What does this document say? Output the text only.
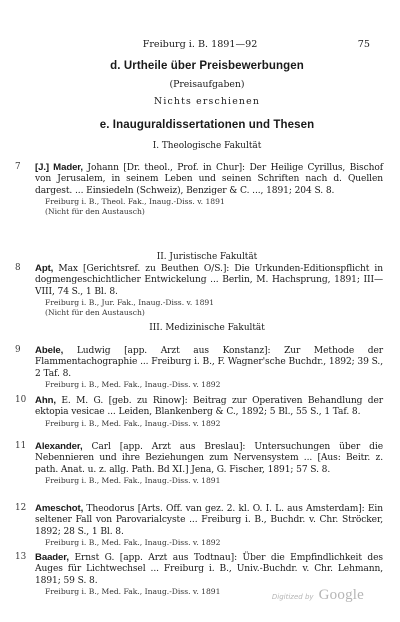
Freiburg i. B. 1891—92	75
d. Urtheile über Preisbewerbungen
(Preisaufgaben)
Nichts erschienen
e. Inauguraldissertationen und Thesen
I. Theologische Fakultät
7	[J.] Mader, Johann [Dr. theol., Prof. in Chur]: Der Heilige Cyrillus, Bischof von Jerusalem, in seinem Leben und seinen Schriften nach d. Quellen dargest. ... Einsiedeln (Schweiz), Benziger & C. ..., 1891; 204 S. 8.
Freiburg i. B., Theol. Fak., Inaug.-Diss. v. 1891
(Nicht für den Austausch)
II. Juristische Fakultät
8	Apt, Max [Gerichtsref. zu Beuthen O/S.]: Die Urkunden-Editionspflicht in dogmengeschichtlicher Entwickelung ... Berlin, M. Hachsprung, 1891; III—VIII, 74 S., 1 Bl. 8.
Freiburg i. B., Jur. Fak., Inaug.-Diss. v. 1891
(Nicht für den Austausch)
III. Medizinische Fakultät
9	Abele, Ludwig [app. Arzt aus Konstanz]: Zur Methode der Flammentachographie ... Freiburg i. B., F. Wagner'sche Buchdr., 1892; 39 S., 2 Taf. 8.
Freiburg i. B., Med. Fak., Inaug.-Diss. v. 1892
10 Ahn, E. M. G. [geb. zu Rinow]: Beitrag zur Operativen Behandlung der ektopia vesicae ... Leiden, Blankenberg & C., 1892; 5 Bl., 55 S., 1 Taf. 8.
Freiburg i. B., Med. Fak., Inaug.-Diss. v. 1892
11 Alexander, Carl [app. Arzt aus Breslau]: Untersuchungen über die Nebennieren und ihre Beziehungen zum Nervensystem ... [Aus: Beitr. z. path. Anat. u. z. allg. Path. Bd XI.] Jena, G. Fischer, 1891; 57 S. 8.
Freiburg i. B., Med. Fak., Inaug.-Diss. v. 1891
12 Ameschot, Theodorus [Arts. Off. van gez. 2. kl. O. I. L. aus Amsterdam]: Ein seltener Fall von Parovarialcyste ... Freiburg i. B., Buchdr. v. Chr. Ströcker, 1892; 28 S., 1 Bl. 8.
Freiburg i. B., Med. Fak., Inaug.-Diss. v. 1892
13 Baader, Ernst G. [app. Arzt aus Todtnau]: Über die Empfindlichkeit des Auges für Lichtwechsel ... Freiburg i. B., Univ.-Buchdr. v. Chr. Lehmann, 1891; 59 S. 8.
Freiburg i. B., Med. Fak., Inaug.-Diss. v. 1891
Digitized by Google
